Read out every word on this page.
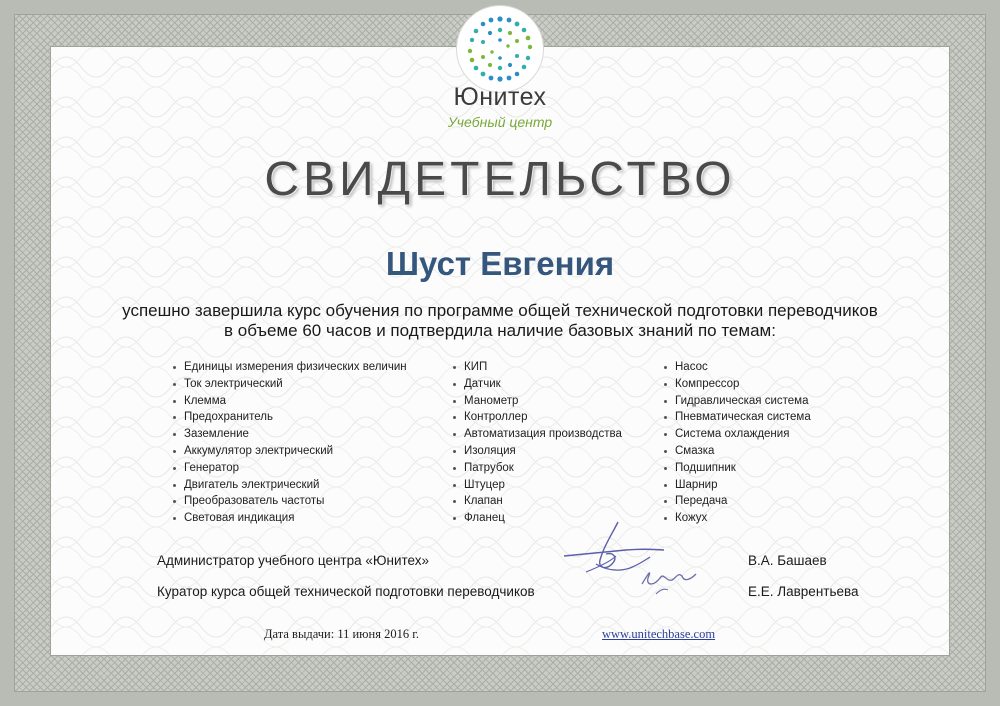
Юнитех
Учебный центр
СВИДЕТЕЛЬСТВО
Шуст Евгения
успешно завершила курс обучения по программе общей технической подготовки переводчиков
в объеме 60 часов и подтвердила наличие базовых знаний по темам:
Единицы измерения физических величин
Ток электрический
Клемма
Предохранитель
Заземление
Аккумулятор электрический
Генератор
Двигатель электрический
Преобразователь частоты
Световая индикация
КИП
Датчик
Манометр
Контроллер
Автоматизация производства
Изоляция
Патрубок
Штуцер
Клапан
Фланец
Насос
Компрессор
Гидравлическая система
Пневматическая система
Система охлаждения
Смазка
Подшипник
Шарнир
Передача
Кожух
Администратор учебного центра «Юнитех»	В.А. Башаев
Куратор курса общей технической подготовки переводчиков	Е.Е. Лаврентьева
Дата выдачи: 11 июня 2016 г.	www.unitechbase.com
